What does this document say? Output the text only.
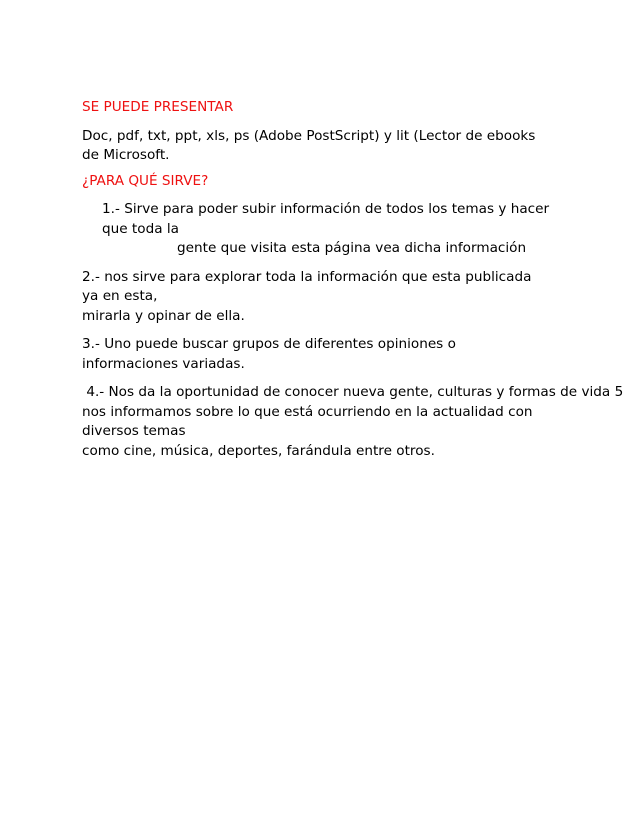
SE PUEDE PRESENTAR
Doc, pdf, txt, ppt, xls, ps (Adobe PostScript) y lit (Lector de ebooks de Microsoft.
¿PARA QUÉ SIRVE?
1.- Sirve para poder subir información de todos los temas y hacer que toda la
gente que visita esta página vea dicha información
2.- nos sirve para explorar toda la información que esta publicada ya en esta,
mirarla y opinar de ella.
3.- Uno puede buscar grupos de diferentes opiniones o informaciones variadas.
4.- Nos da la oportunidad de conocer nueva gente, culturas y formas de vida 5
nos informamos sobre lo que está ocurriendo en la actualidad con diversos temas
como cine, música, deportes, farándula entre otros.
